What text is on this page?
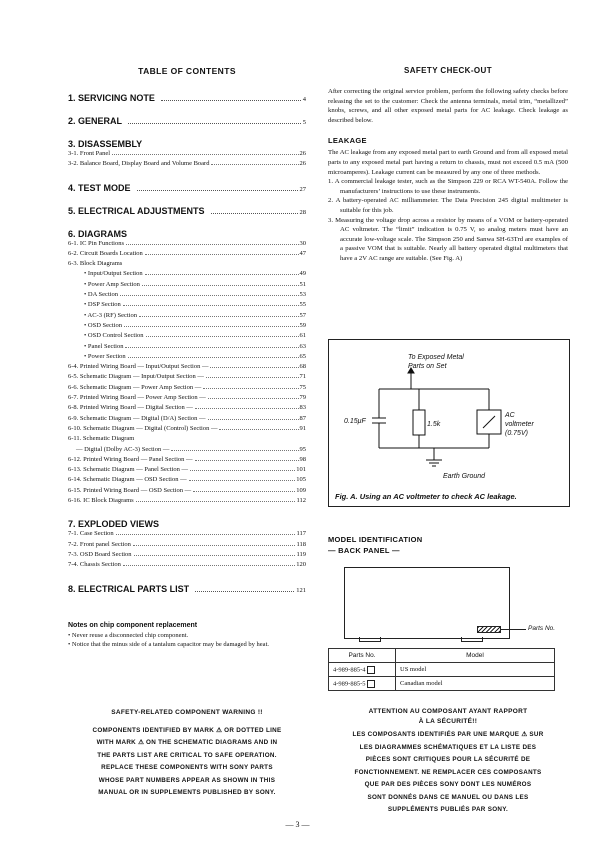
TABLE OF CONTENTS
1. SERVICING NOTE	4
2. GENERAL	5
3. DISASSEMBLY
3-1. Front Panel	26
3-2. Balance Board, Display Board and Volume Board	26
4. TEST MODE	27
5. ELECTRICAL ADJUSTMENTS	28
6. DIAGRAMS
6-1. IC Pin Functions	30
6-2. Circuit Boards Location	47
6-3. Block Diagrams
• Input/Output Section	49
• Power Amp Section	51
• DA Section	53
• DSP Section	55
• AC-3 (RF) Section	57
• OSD Section	59
• OSD Control Section	61
• Panel Section	63
• Power Section	65
6-4. Printed Wiring Board — Input/Output Section —	68
6-5. Schematic Diagram — Input/Output Section —	71
6-6. Schematic Diagram — Power Amp Section —	75
6-7. Printed Wiring Board — Power Amp Section —	79
6-8. Printed Wiring Board — Digital Section —	83
6-9. Schematic Diagram — Digital (D/A) Section —	87
6-10. Schematic Diagram — Digital (Control) Section —	91
6-11. Schematic Diagram
— Digital (Dolby AC-3) Section —	95
6-12. Printed Wiring Board — Panel Section —	98
6-13. Schematic Diagram — Panel Section —	101
6-14. Schematic Diagram — OSD Section —	105
6-15. Printed Wiring Board — OSD Section —	109
6-16. IC Block Diagrams	112
7. EXPLODED VIEWS
7-1. Case Section	117
7-2. Front panel Section	118
7-3. OSD Board Section	119
7-4. Chassis Section	120
8. ELECTRICAL PARTS LIST	121
Notes on chip component replacement
• Never reuse a disconnected chip component.
• Notice that the minus side of a tantalum capacitor may be damaged by heat.
SAFETY-RELATED COMPONENT WARNING !!
COMPONENTS IDENTIFIED BY MARK ⚠ OR DOTTED LINE
WITH MARK ⚠ ON THE SCHEMATIC DIAGRAMS AND IN
THE PARTS LIST ARE CRITICAL TO SAFE OPERATION.
REPLACE THESE COMPONENTS WITH SONY PARTS
WHOSE PART NUMBERS APPEAR AS SHOWN IN THIS
MANUAL OR IN SUPPLEMENTS PUBLISHED BY SONY.
SAFETY CHECK-OUT
After correcting the original service problem, perform the following safety checks before releasing the set to the customer: Check the antenna terminals, metal trim, “metallized” knobs, screws, and all other exposed metal parts for AC leakage. Check leakage as described below.
LEAKAGE
The AC leakage from any exposed metal part to earth Ground and from all exposed metal parts to any exposed metal part having a return to chassis, must not exceed 0.5 mA (500 microamperes). Leakage current can be measured by any one of three methods.
1. A commercial leakage tester, such as the Simpson 229 or RCA WT-540A. Follow the manufacturers’ instructions to use these instruments.
2. A battery-operated AC milliammeter. The Data Precision 245 digital multimeter is suitable for this job.
3. Measuring the voltage drop across a resistor by means of a VOM or battery-operated AC voltmeter. The “limit” indication is 0.75 V, so analog meters must have an accurate low-voltage scale. The Simpson 250 and Sanwa SH-63Trd are examples of a passive VOM that is suitable. Nearly all battery operated digital multimeters that have a 2V AC range are suitable. (See Fig. A)
To Exposed Metal
Parts on Set
0.15μF	1.5k
AC
voltmeter
(0.75V)
Earth Ground
Fig. A. Using an AC voltmeter to check AC leakage.
MODEL IDENTIFICATION
— BACK PANEL —
Parts No.
Parts No.	Model
4-989-885-4	US model
4-989-885-5	Canadian model
ATTENTION AU COMPOSANT AYANT RAPPORT
À LA SÉCURITÉ!!
LES COMPOSANTS IDENTIFIÉS PAR UNE MARQUE ⚠ SUR
LES DIAGRAMMES SCHÉMATIQUES ET LA LISTE DES
PIÈCES SONT CRITIQUES POUR LA SÉCURITÉ DE
FONCTIONNEMENT. NE REMPLACER CES COMPOSANTS
QUE PAR DES PIÈCES SONY DONT LES NUMÉROS
SONT DONNÉS DANS CE MANUEL OU DANS LES
SUPPLÉMENTS PUBLIÉS PAR SONY.
— 3 —
